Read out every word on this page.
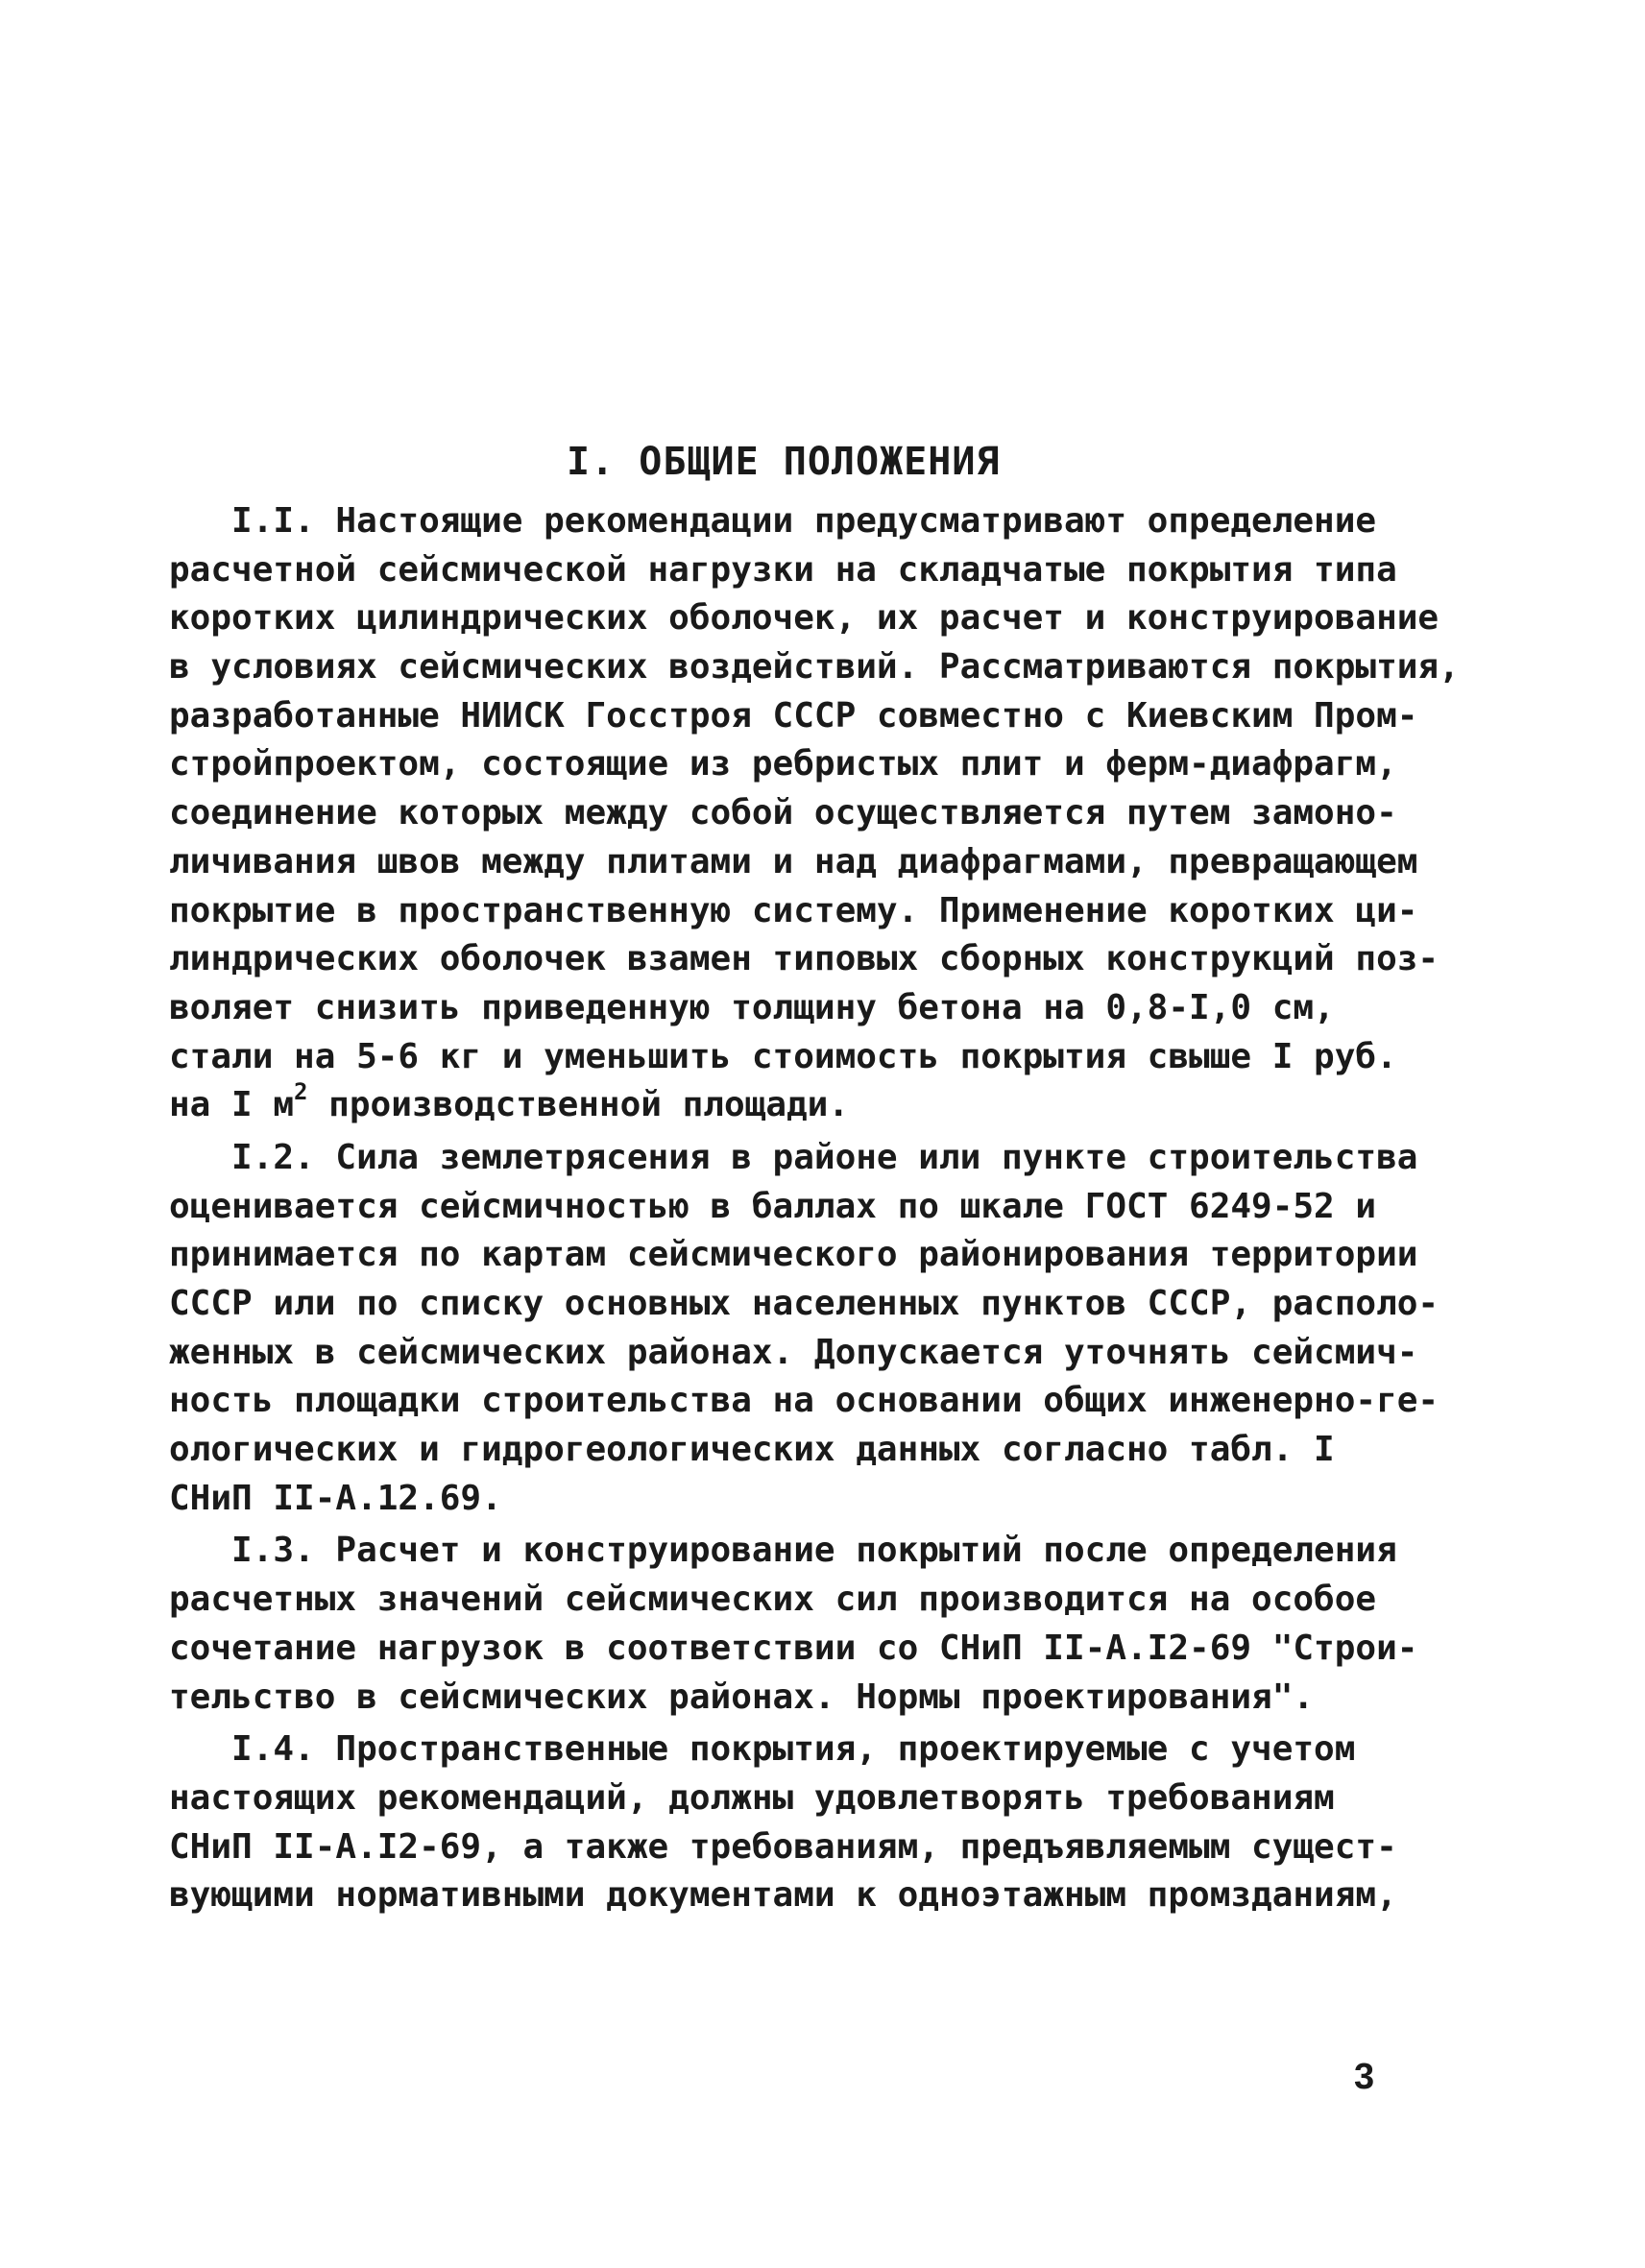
I. ОБЩИЕ ПОЛОЖЕНИЯ
I.I. Настоящие рекомендации предусматривают определение
расчетной сейсмической нагрузки на складчатые покрытия типа
коротких цилиндрических оболочек, их расчет и конструирование
в условиях сейсмических воздействий. Рассматриваются покрытия,
разработанные НИИСК Госстроя СССР совместно с Киевским Пром-
стройпроектом, состоящие из ребристых плит и ферм-диафрагм,
соединение которых между собой осуществляется путем замоно-
личивания швов между плитами и над диафрагмами, превращающем
покрытие в пространственную систему. Применение коротких ци-
линдрических оболочек взамен типовых сборных конструкций поз-
воляет снизить приведенную толщину бетона на 0,8-I,0 см,
стали на 5-6 кг и уменьшить стоимость покрытия свыше I руб.
на I $м^2$ производственной площади.
I.2. Сила землетрясения в районе или пункте строительства
оценивается сейсмичностью в баллах по шкале ГОСТ 6249-52 и
принимается по картам сейсмического районирования территории
СССР или по списку основных населенных пунктов СССР, располо-
женных в сейсмических районах. Допускается уточнять сейсмич-
ность площадки строительства на основании общих инженерно-ге-
ологических и гидрогеологических данных согласно табл. I
СНиП II-А.12.69.
I.3. Расчет и конструирование покрытий после определения
расчетных значений сейсмических сил производится на особое
сочетание нагрузок в соответствии со СНиП II-А.I2-69 "Строи-
тельство в сейсмических районах. Нормы проектирования".
I.4. Пространственные покрытия, проектируемые с учетом
настоящих рекомендаций, должны удовлетворять требованиям
СНиП II-А.I2-69, а также требованиям, предъявляемым сущест-
вующими нормативными документами к одноэтажным промзданиям,
3
